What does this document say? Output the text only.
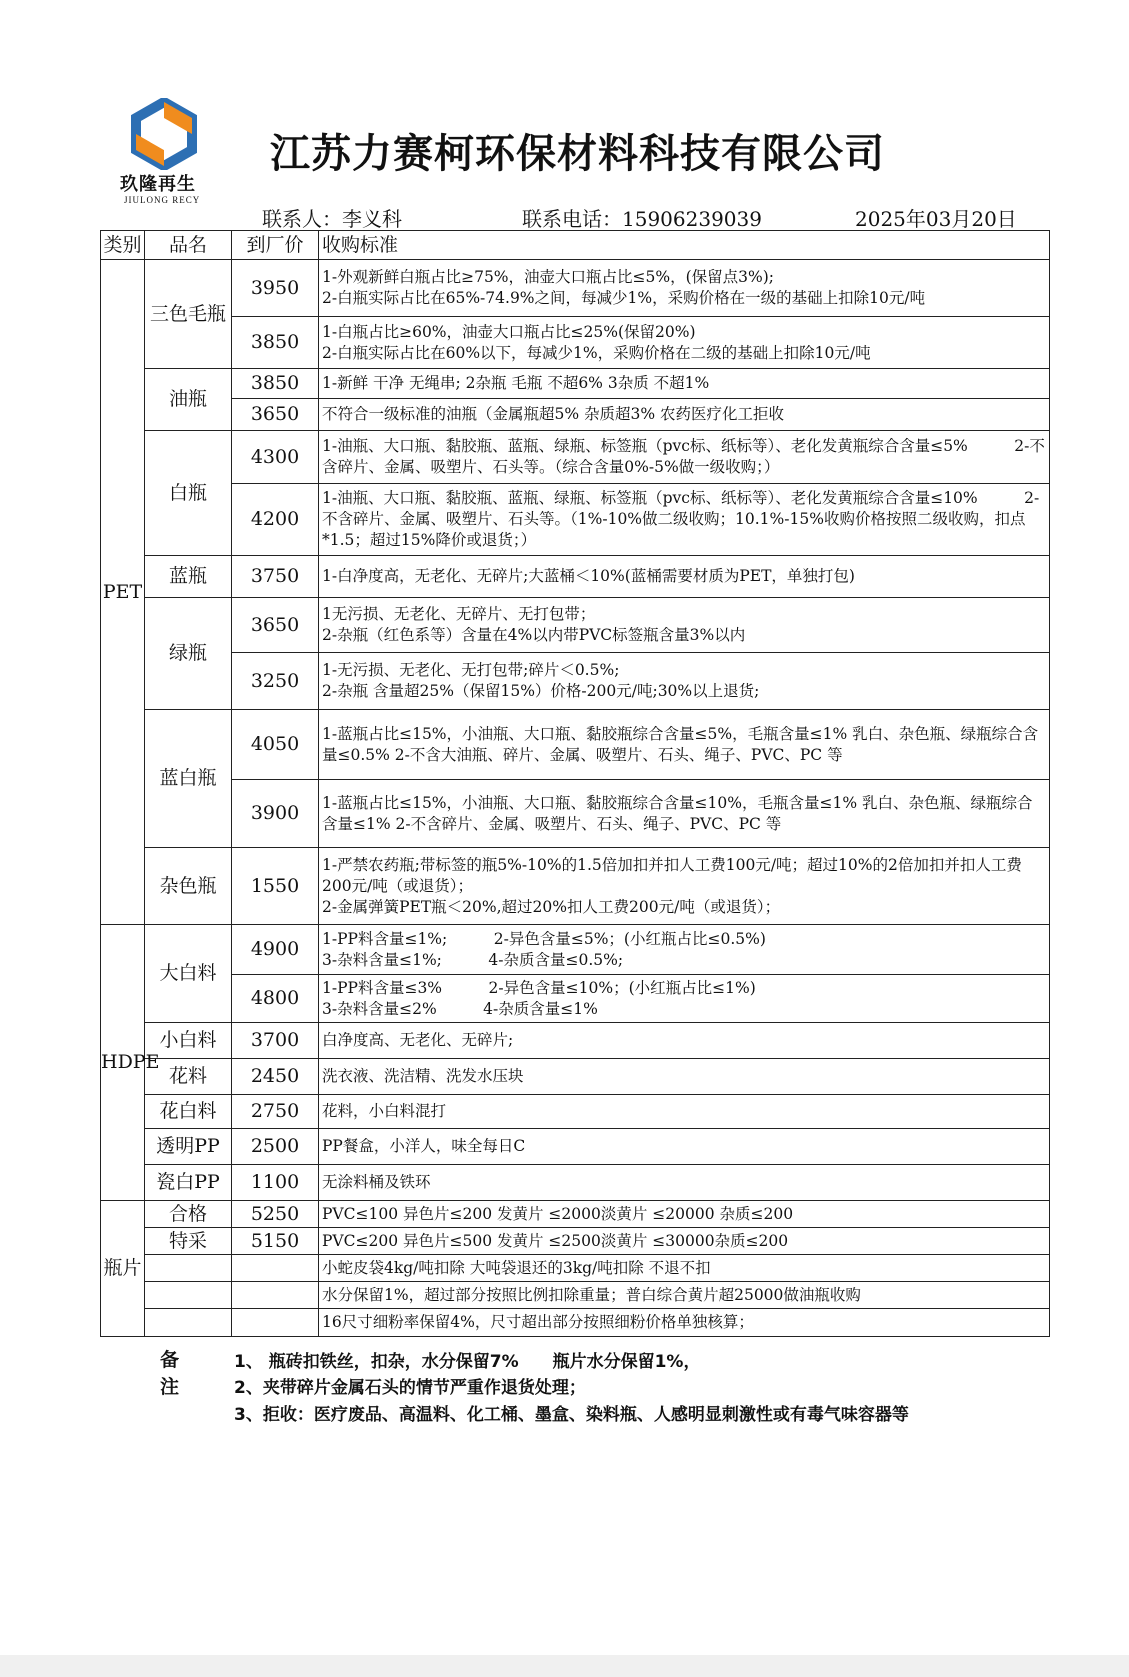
玖隆再生
JIULONG RECY
江苏力赛柯环保材料科技有限公司
联系人：李义科	联系电话：15906239039	2025年03月20日
类别	品名	到厂价	收购标准
PET	三色毛瓶	3950	1-外观新鲜白瓶占比≥75%，油壶大口瓶占比≤5%，(保留点3%);
2-白瓶实际占比在65%-74.9%之间，每减少1%，采购价格在一级的基础上扣除10元/吨

		3850	1-白瓶占比≥60%，油壶大口瓶占比≤25%(保留20%)
2-白瓶实际占比在60%以下，每减少1%，采购价格在二级的基础上扣除10元/吨

	油瓶	3850	1-新鲜 干净 无绳串; 2杂瓶 毛瓶 不超6% 3杂质 不超1%

		3650	不符合一级标准的油瓶（金属瓶超5% 杂质超3% 农药医疗化工拒收

	白瓶	4300	1-油瓶、大口瓶、黏胶瓶、蓝瓶、绿瓶、标签瓶（pvc标、纸标等）、老化发黄瓶综合含量≤5%　　　2-不含碎片、金属、吸塑片、石头等。（综合含量0%-5%做一级收购；）

		4200	1-油瓶、大口瓶、黏胶瓶、蓝瓶、绿瓶、标签瓶（pvc标、纸标等）、老化发黄瓶综合含量≤10%　　　2-不含碎片、金属、吸塑片、石头等。（1%-10%做二级收购；10.1%-15%收购价格按照二级收购，扣点*1.5；超过15%降价或退货；）

	蓝瓶	3750	1-白净度高，无老化、无碎片;大蓝桶＜10%(蓝桶需要材质为PET，单独打包)

	绿瓶	3650	1无污损、无老化、无碎片、无打包带；
2-杂瓶（红色系等）含量在4%以内带PVC标签瓶含量3%以内

		3250	1-无污损、无老化、无打包带;碎片＜0.5%;
2-杂瓶 含量超25%（保留15%）价格-200元/吨;30%以上退货;

	蓝白瓶	4050	1-蓝瓶占比≤15%，小油瓶、大口瓶、黏胶瓶综合含量≤5%，毛瓶含量≤1% 乳白、杂色瓶、绿瓶综合含量≤0.5% 2-不含大油瓶、碎片、金属、吸塑片、石头、绳子、PVC、PC 等

		3900	1-蓝瓶占比≤15%，小油瓶、大口瓶、黏胶瓶综合含量≤10%，毛瓶含量≤1% 乳白、杂色瓶、绿瓶综合含量≤1% 2-不含碎片、金属、吸塑片、石头、绳子、PVC、PC 等

	杂色瓶	1550	1-严禁农药瓶;带标签的瓶5%-10%的1.5倍加扣并扣人工费100元/吨；超过10%的2倍加扣并扣人工费200元/吨（或退货）；
2-金属弹簧PET瓶＜20%,超过20%扣人工费200元/吨（或退货）；

HDPE	大白料	4900	1-PP料含量≤1%;　　　2-异色含量≤5%；(小红瓶占比≤0.5%)
3-杂料含量≤1%;　　　4-杂质含量≤0.5%;

		4800	1-PP料含量≤3%　　　2-异色含量≤10%；(小红瓶占比≤1%)
3-杂料含量≤2%　　　4-杂质含量≤1%

	小白料	3700	白净度高、无老化、无碎片;

	花料	2450	洗衣液、洗洁精、洗发水压块

	花白料	2750	花料，小白料混打

	透明PP	2500	PP餐盒，小洋人，味全每日C

	瓷白PP	1100	无涂料桶及铁环

瓶片	合格	5250	PVC≤100 异色片≤200 发黄片 ≤2000淡黄片 ≤20000 杂质≤200

	特采	5150	PVC≤200 异色片≤500 发黄片 ≤2500淡黄片 ≤30000杂质≤200

			小蛇皮袋4kg/吨扣除 大吨袋退还的3kg/吨扣除 不退不扣

			水分保留1%，超过部分按照比例扣除重量；普白综合黄片超25000做油瓶收购

			16尺寸细粉率保留4%，尺寸超出部分按照细粉价格单独核算；
备注
1、 瓶砖扣铁丝，扣杂，水分保留7%　　瓶片水分保留1%，
2、夹带碎片金属石头的情节严重作退货处理；
3、拒收：医疗废品、高温料、化工桶、墨盒、染料瓶、人感明显刺激性或有毒气味容器等
